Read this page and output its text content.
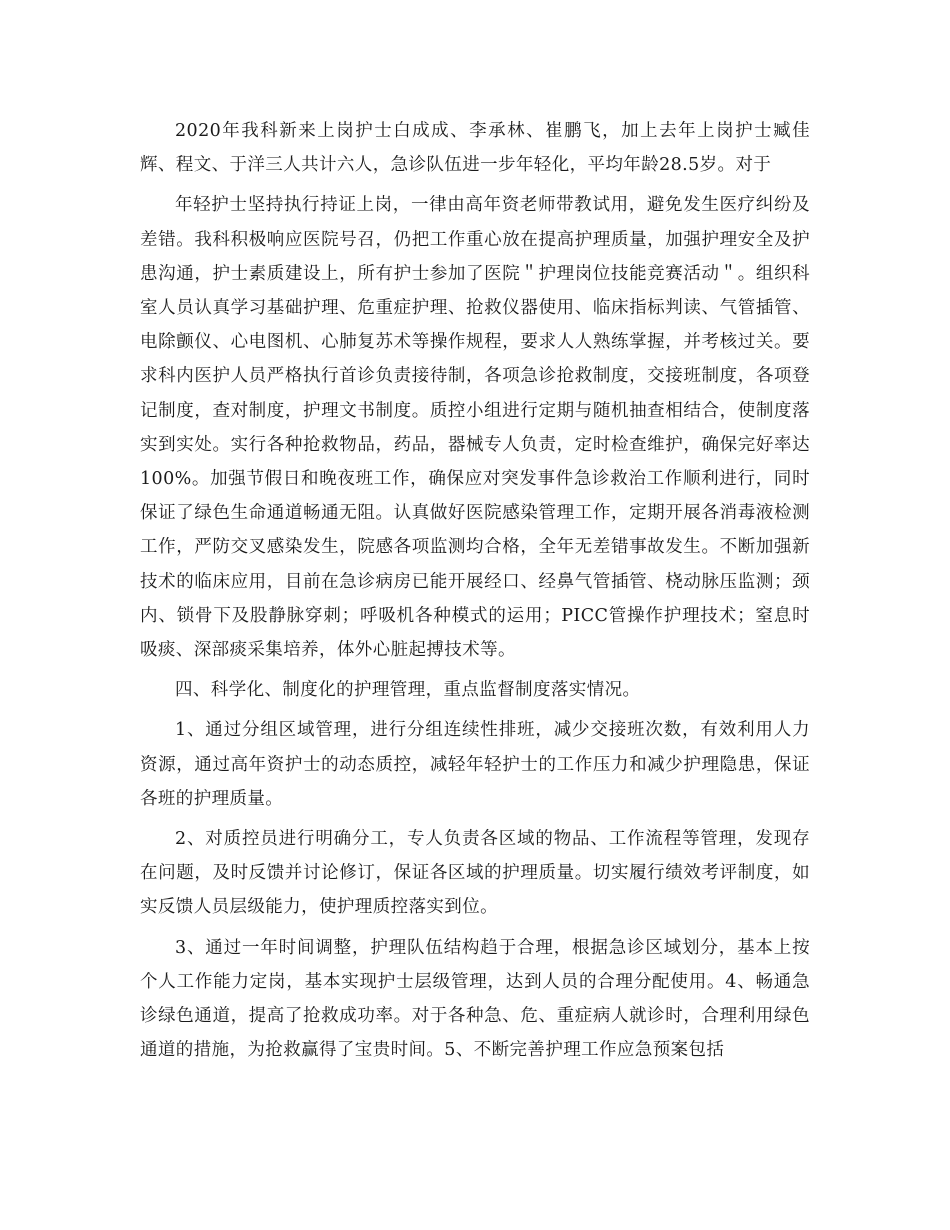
2020年我科新来上岗护士白成成、李承林、崔鹏飞，加上去年上岗护士臧佳辉、程文、于洋三人共计六人，急诊队伍进一步年轻化，平均年龄28.5岁。对于

年轻护士坚持执行持证上岗，一律由高年资老师带教试用，避免发生医疗纠纷及差错。我科积极响应医院号召，仍把工作重心放在提高护理质量，加强护理安全及护患沟通，护士素质建设上，所有护士参加了医院＂护理岗位技能竞赛活动＂。组织科室人员认真学习基础护理、危重症护理、抢救仪器使用、临床指标判读、气管插管、电除颤仪、心电图机、心肺复苏术等操作规程，要求人人熟练掌握，并考核过关。要求科内医护人员严格执行首诊负责接待制，各项急诊抢救制度，交接班制度，各项登记制度，查对制度，护理文书制度。质控小组进行定期与随机抽查相结合，使制度落实到实处。实行各种抢救物品，药品，器械专人负责，定时检查维护，确保完好率达100%。加强节假日和晚夜班工作，确保应对突发事件急诊救治工作顺利进行，同时保证了绿色生命通道畅通无阻。认真做好医院感染管理工作，定期开展各消毒液检测工作，严防交叉感染发生，院感各项监测均合格，全年无差错事故发生。不断加强新技术的临床应用，目前在急诊病房已能开展经口、经鼻气管插管、桡动脉压监测；颈内、锁骨下及股静脉穿刺；呼吸机各种模式的运用；PICC管操作护理技术；窒息时吸痰、深部痰采集培养，体外心脏起搏技术等。

四、科学化、制度化的护理管理，重点监督制度落实情况。

1、通过分组区域管理，进行分组连续性排班，减少交接班次数，有效利用人力资源，通过高年资护士的动态质控，减轻年轻护士的工作压力和减少护理隐患，保证各班的护理质量。

2、对质控员进行明确分工，专人负责各区域的物品、工作流程等管理，发现存在问题，及时反馈并讨论修订，保证各区域的护理质量。切实履行绩效考评制度，如实反馈人员层级能力，使护理质控落实到位。

3、通过一年时间调整，护理队伍结构趋于合理，根据急诊区域划分，基本上按个人工作能力定岗，基本实现护士层级管理，达到人员的合理分配使用。4、畅通急诊绿色通道，提高了抢救成功率。对于各种急、危、重症病人就诊时，合理利用绿色通道的措施，为抢救赢得了宝贵时间。5、不断完善护理工作应急预案包括
